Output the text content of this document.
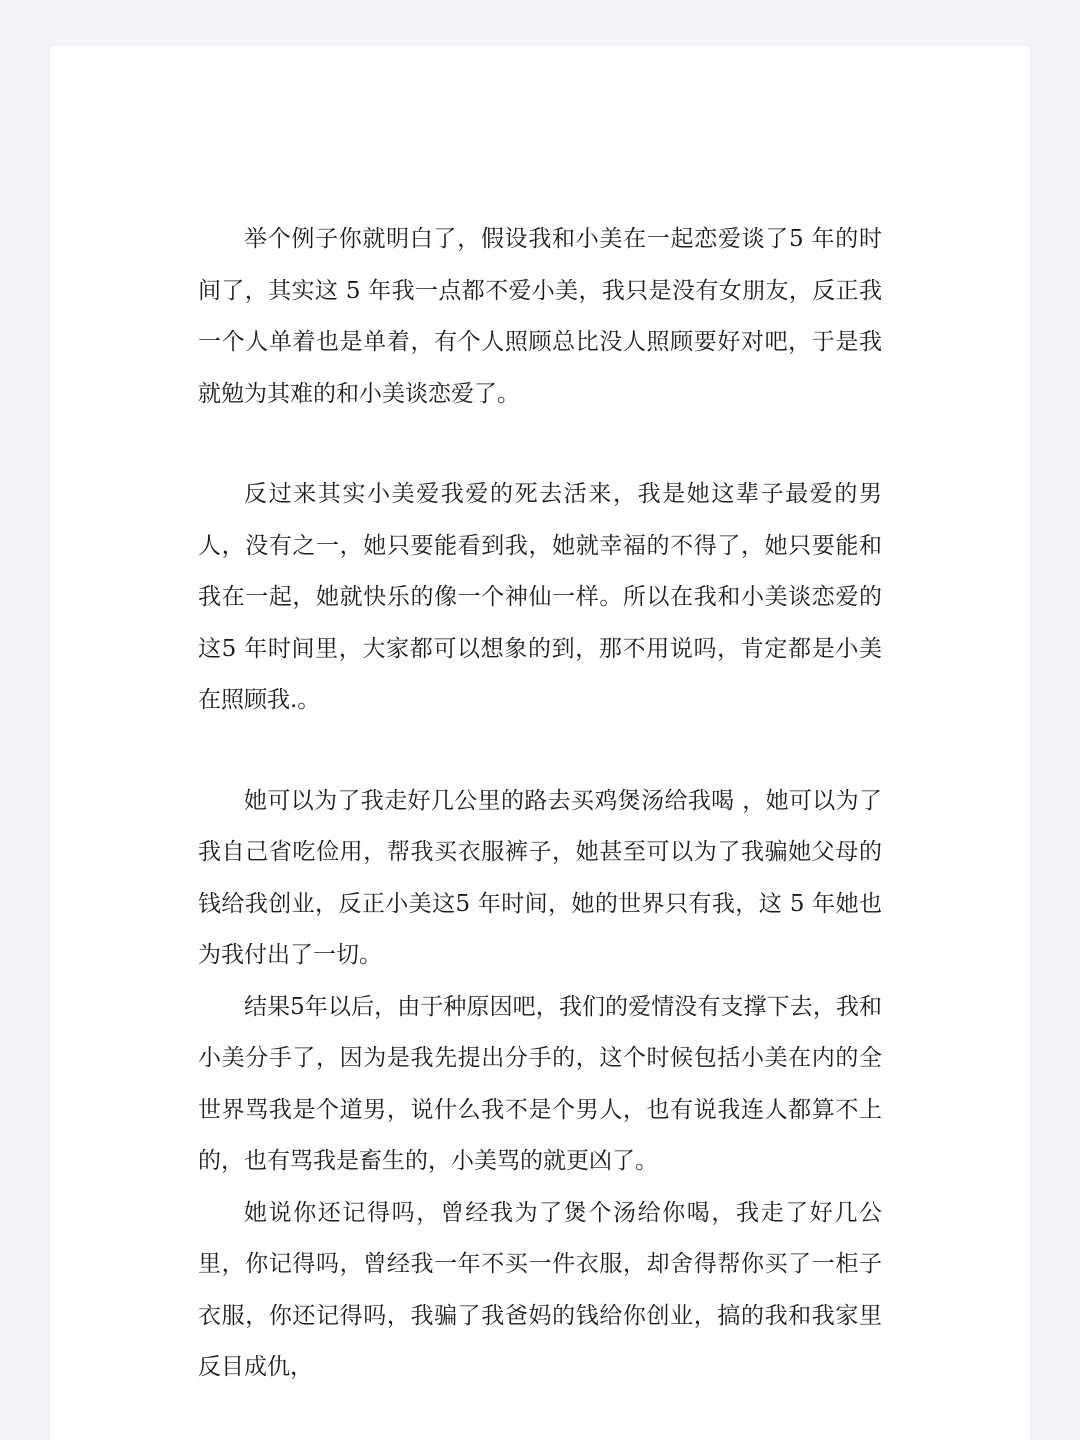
举个例子你就明白了，假设我和小美在一起恋爱谈了5 年的时间了，其实这 5 年我一点都不爱小美，我只是没有女朋友，反正我一个人单着也是单着，有个人照顾总比没人照顾要好对吧，于是我就勉为其难的和小美谈恋爱了。

反过来其实小美爱我爱的死去活来，我是她这辈子最爱的男人，没有之一，她只要能看到我，她就幸福的不得了，她只要能和我在一起，她就快乐的像一个神仙一样。所以在我和小美谈恋爱的这5 年时间里，大家都可以想象的到，那不用说吗，肯定都是小美在照顾我.。

她可以为了我走好几公里的路去买鸡煲汤给我喝 ，她可以为了我自己省吃俭用，帮我买衣服裤子，她甚至可以为了我骗她父母的钱给我创业，反正小美这5 年时间，她的世界只有我，这 5 年她也为我付出了一切。

结果5年以后，由于种原因吧，我们的爱情没有支撑下去，我和小美分手了，因为是我先提出分手的，这个时候包括小美在内的全世界骂我是个道男，说什么我不是个男人，也有说我连人都算不上的，也有骂我是畜生的，小美骂的就更凶了。

她说你还记得吗，曾经我为了煲个汤给你喝，我走了好几公里，你记得吗，曾经我一年不买一件衣服，却舍得帮你买了一柜子衣服，你还记得吗，我骗了我爸妈的钱给你创业，搞的我和我家里反目成仇，
